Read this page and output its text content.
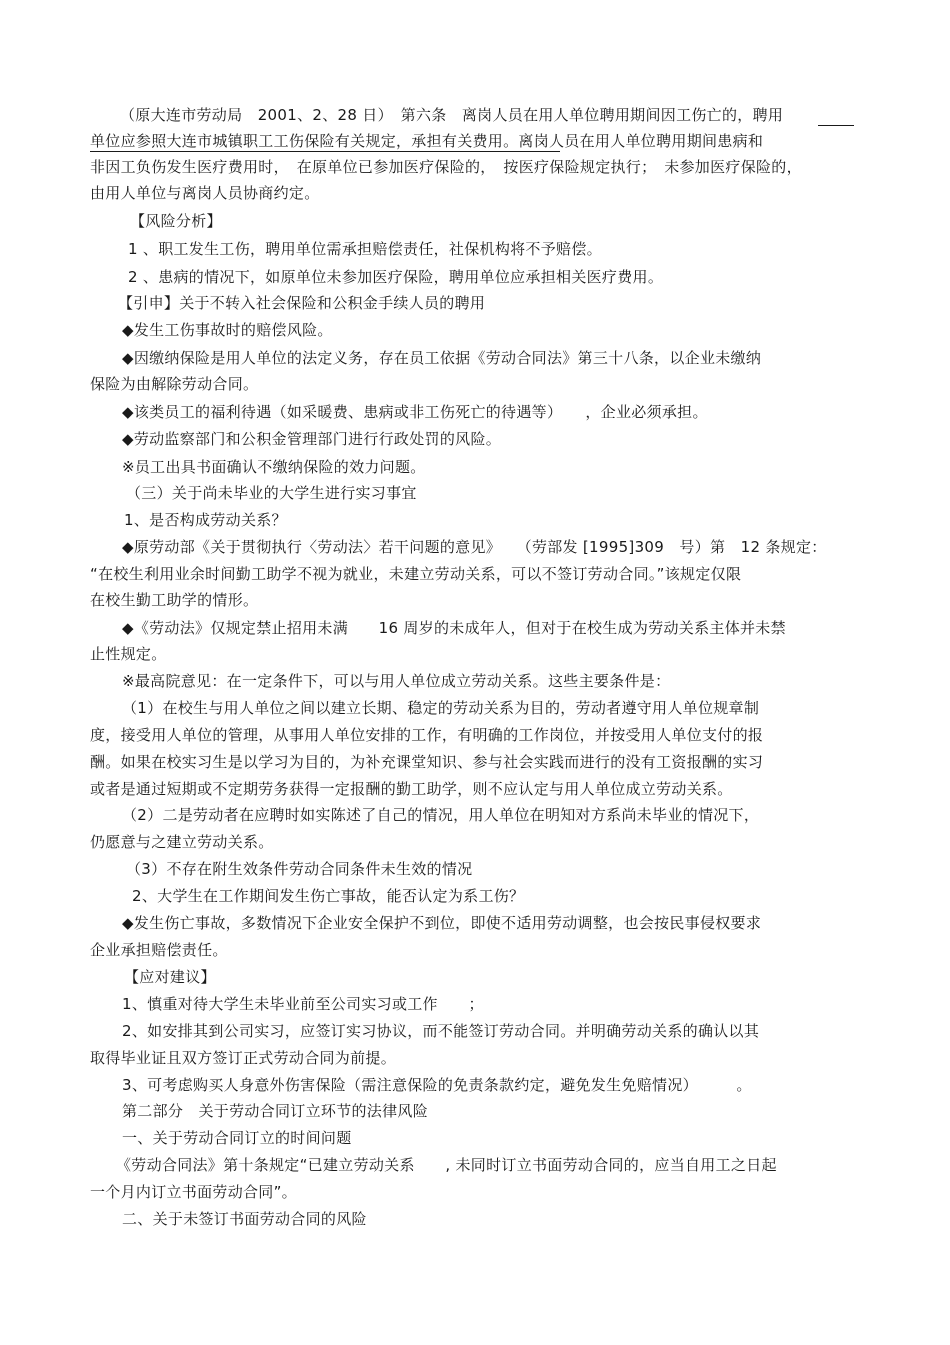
（原大连市劳动局　2001、2、28 日）　第六条　离岗人员在用人单位聘用期间因工伤亡的，聘用
单位应参照大连市城镇职工工伤保险有关规定，承担有关费用。离岗人员在用人单位聘用期间患病和
非因工负伤发生医疗费用时，　在原单位已参加医疗保险的，　按医疗保险规定执行；　未参加医疗保险的，
由用人单位与离岗人员协商约定。
【风险分析】
1 、职工发生工伤，聘用单位需承担赔偿责任，社保机构将不予赔偿。
2 、患病的情况下，如原单位未参加医疗保险，聘用单位应承担相关医疗费用。
【引申】关于不转入社会保险和公积金手续人员的聘用
◆发生工伤事故时的赔偿风险。
◆因缴纳保险是用人单位的法定义务，存在员工依据《劳动合同法》第三十八条，以企业未缴纳
保险为由解除劳动合同。
◆该类员工的福利待遇（如采暖费、患病或非工伤死亡的待遇等）　　，企业必须承担。
◆劳动监察部门和公积金管理部门进行行政处罚的风险。
※员工出具书面确认不缴纳保险的效力问题。
（三）关于尚未毕业的大学生进行实习事宜
1、是否构成劳动关系？
◆原劳动部《关于贯彻执行〈劳动法〉若干问题的意见》　　（劳部发 [1995]309　号）第　12 条规定：
“在校生利用业余时间勤工助学不视为就业，未建立劳动关系，可以不签订劳动合同。”该规定仅限
在校生勤工助学的情形。
◆《劳动法》仅规定禁止招用未满　　16 周岁的未成年人，但对于在校生成为劳动关系主体并未禁
止性规定。
※最高院意见：在一定条件下，可以与用人单位成立劳动关系。这些主要条件是：
（1）在校生与用人单位之间以建立长期、稳定的劳动关系为目的，劳动者遵守用人单位规章制
度，接受用人单位的管理，从事用人单位安排的工作，有明确的工作岗位，并按受用人单位支付的报
酬。如果在校实习生是以学习为目的，为补充课堂知识、参与社会实践而进行的没有工资报酬的实习
或者是通过短期或不定期劳务获得一定报酬的勤工助学，则不应认定与用人单位成立劳动关系。
（2）二是劳动者在应聘时如实陈述了自己的情况，用人单位在明知对方系尚未毕业的情况下，
仍愿意与之建立劳动关系。
（3）不存在附生效条件劳动合同条件未生效的情况
2、大学生在工作期间发生伤亡事故，能否认定为系工伤？
◆发生伤亡事故，多数情况下企业安全保护不到位，即使不适用劳动调整，也会按民事侵权要求
企业承担赔偿责任。
【应对建议】
1、慎重对待大学生未毕业前至公司实习或工作　　；
2、如安排其到公司实习，应签订实习协议，而不能签订劳动合同。并明确劳动关系的确认以其
取得毕业证且双方签订正式劳动合同为前提。
3、可考虑购买人身意外伤害保险（需注意保险的免责条款约定，避免发生免赔情况）　　　。
第二部分　关于劳动合同订立环节的法律风险
一、关于劳动合同订立的时间问题
《劳动合同法》第十条规定“已建立劳动关系　　, 未同时订立书面劳动合同的，应当自用工之日起
一个月内订立书面劳动合同”。
二、关于未签订书面劳动合同的风险
